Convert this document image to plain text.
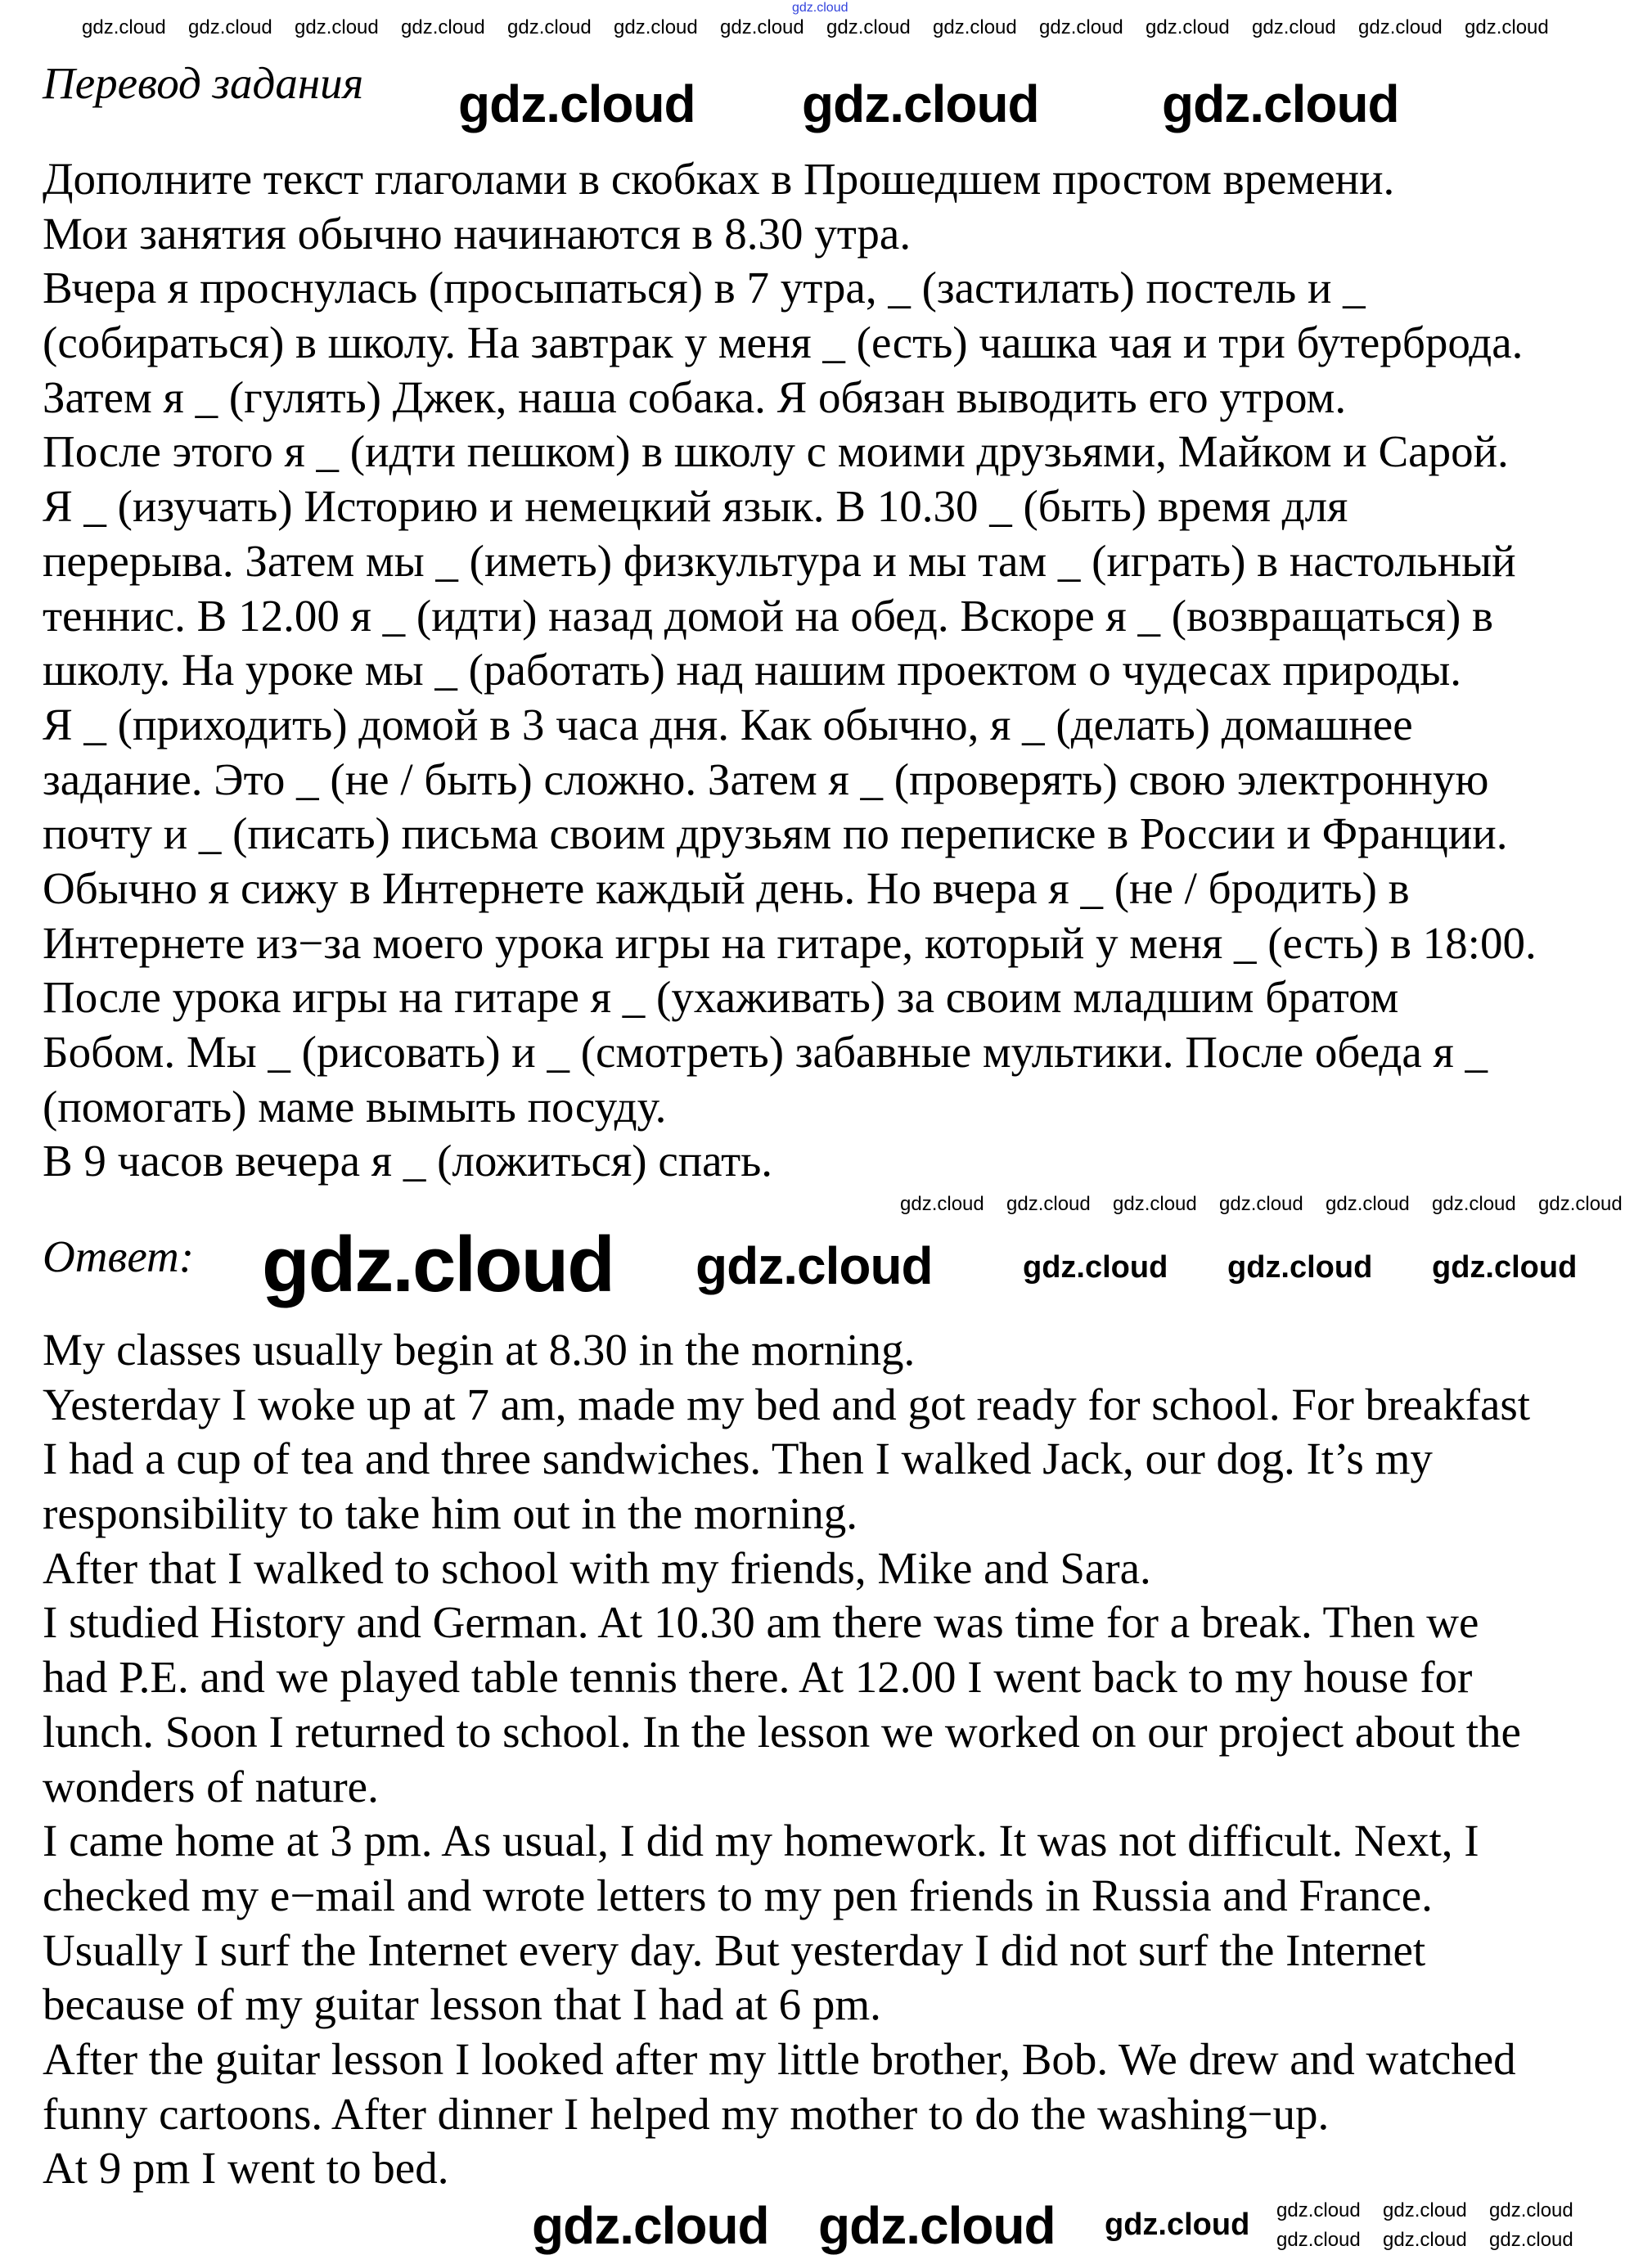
Перевод задания
Дополните текст глаголами в скобках в Прошедшем простом времени.
Мои занятия обычно начинаются в 8.30 утра.
Вчера я проснулась (просыпаться) в 7 утра, _ (застилать) постель и _
(собираться) в школу. На завтрак у меня _ (есть) чашка чая и три бутерброда.
Затем я _ (гулять) Джек, наша собака. Я обязан выводить его утром.
После этого я _ (идти пешком) в школу с моими друзьями, Майком и Сарой.
Я _ (изучать) Историю и немецкий язык. В 10.30 _ (быть) время для
перерыва. Затем мы _ (иметь) физкультура и мы там _ (играть) в настольный
теннис. В 12.00 я _ (идти) назад домой на обед. Вскоре я _ (возвращаться) в
школу. На уроке мы _ (работать) над нашим проектом о чудесах природы.
Я _ (приходить) домой в 3 часа дня. Как обычно, я _ (делать) домашнее
задание. Это _ (не / быть) сложно. Затем я _ (проверять) свою электронную
почту и _ (писать) письма своим друзьям по переписке в России и Франции.
Обычно я сижу в Интернете каждый день. Но вчера я _ (не / бродить) в
Интернете из−за моего урока игры на гитаре, который у меня _ (есть) в 18:00.
После урока игры на гитаре я _ (ухаживать) за своим младшим братом
Бобом. Мы _ (рисовать) и _ (смотреть) забавные мультики. После обеда я _
(помогать) маме вымыть посуду.
В 9 часов вечера я _ (ложиться) спать.
Ответ:
My classes usually begin at 8.30 in the morning.
Yesterday I woke up at 7 am, made my bed and got ready for school. For breakfast
I had a cup of tea and three sandwiches. Then I walked Jack, our dog. It’s my
responsibility to take him out in the morning.
After that I walked to school with my friends, Mike and Sara.
I studied History and German. At 10.30 am there was time for a break. Then we
had P.E. and we played table tennis there. At 12.00 I went back to my house for
lunch. Soon I returned to school. In the lesson we worked on our project about the
wonders of nature.
I came home at 3 pm. As usual, I did my homework. It was not difficult. Next, I
checked my e−mail and wrote letters to my pen friends in Russia and France.
Usually I surf the Internet every day. But yesterday I did not surf the Internet
because of my guitar lesson that I had at 6 pm.
After the guitar lesson I looked after my little brother, Bob. We drew and watched
funny cartoons. After dinner I helped my mother to do the washing−up.
At 9 pm I went to bed.
gdz.cloud
gdz.cloud gdz.cloud gdz.cloud gdz.cloud gdz.cloud gdz.cloud gdz.cloud gdz.cloud gdz.cloud gdz.cloud gdz.cloud gdz.cloud gdz.cloud gdz.cloud
gdz.cloud gdz.cloud gdz.cloud
gdz.cloud gdz.cloud gdz.cloud gdz.cloud gdz.cloud gdz.cloud gdz.cloud
gdz.cloud gdz.cloud	gdz.cloud gdz.cloud gdz.cloud
gdz.cloud gdz.cloud gdz.cloud gdz.cloud gdz.cloud gdz.cloud
gdz.cloud gdz.cloud gdz.cloud
